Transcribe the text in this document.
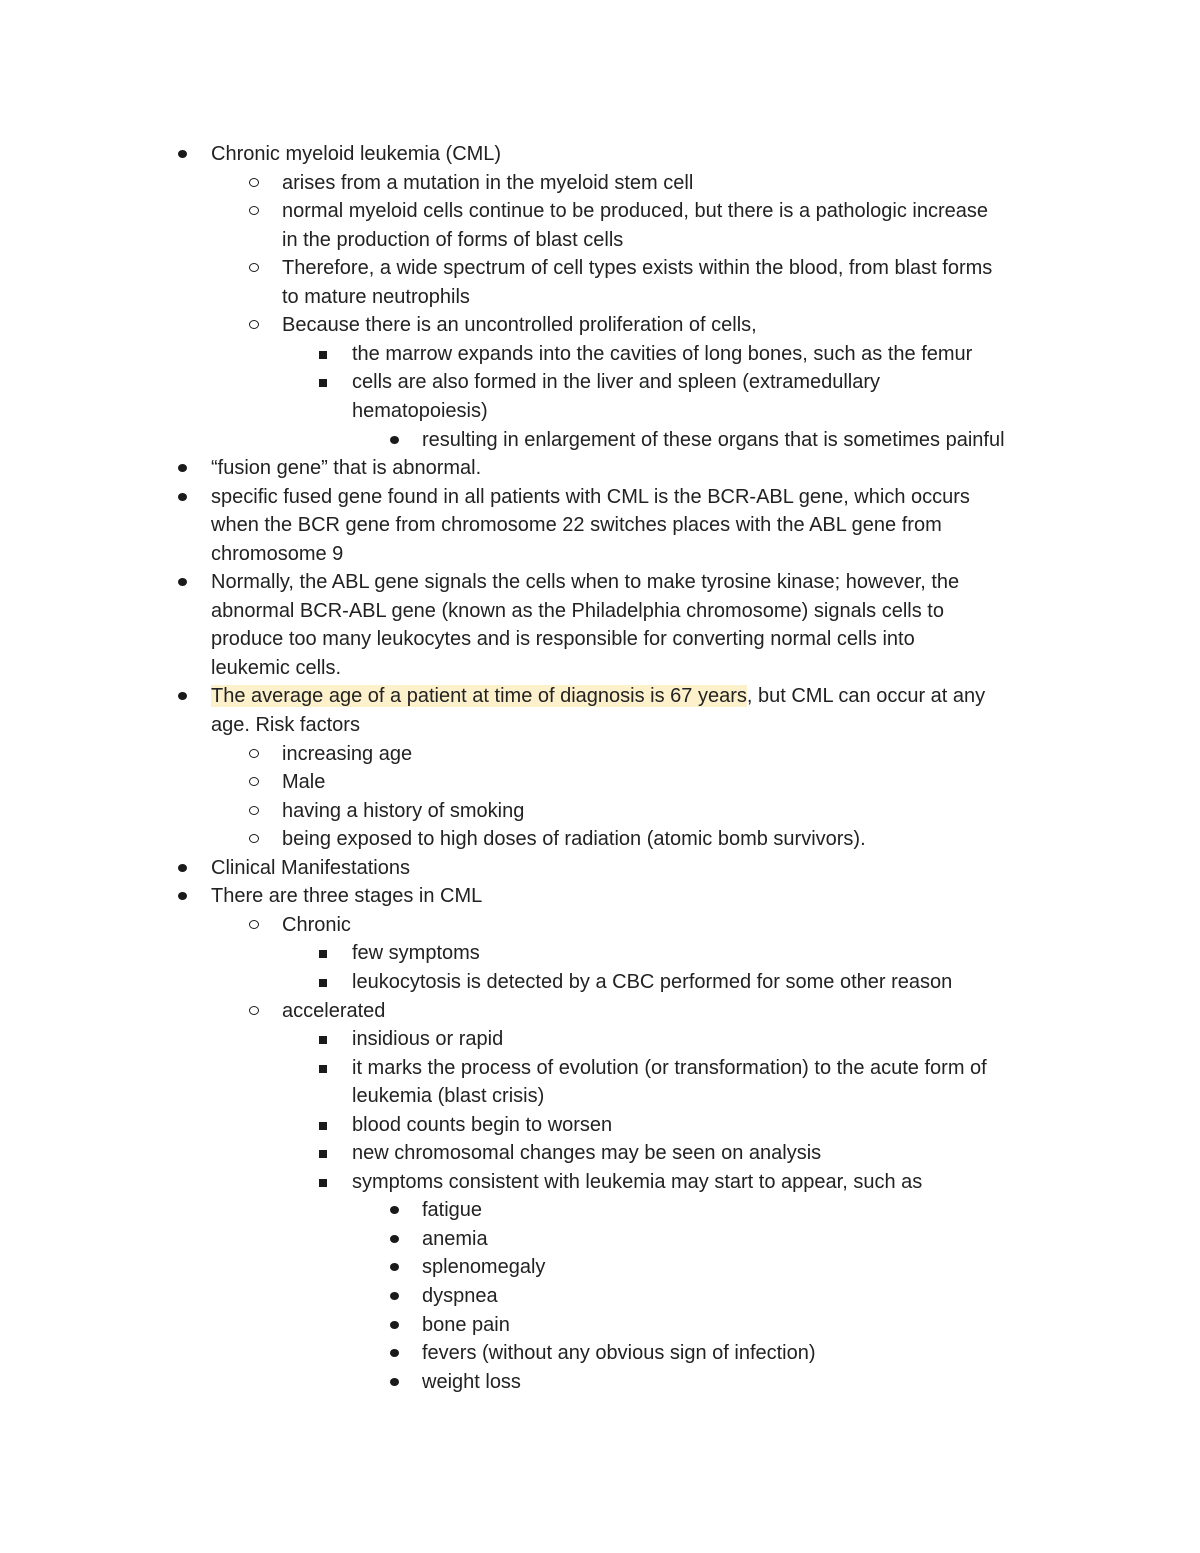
Chronic myeloid leukemia (CML)
arises from a mutation in the myeloid stem cell
normal myeloid cells continue to be produced, but there is a pathologic increase
in the production of forms of blast cells
Therefore, a wide spectrum of cell types exists within the blood, from blast forms
to mature neutrophils
Because there is an uncontrolled proliferation of cells,
the marrow expands into the cavities of long bones, such as the femur
cells are also formed in the liver and spleen (extramedullary
hematopoiesis)
resulting in enlargement of these organs that is sometimes painful
“fusion gene” that is abnormal.
specific fused gene found in all patients with CML is the BCR-ABL gene, which occurs
when the BCR gene from chromosome 22 switches places with the ABL gene from
chromosome 9
Normally, the ABL gene signals the cells when to make tyrosine kinase; however, the
abnormal BCR-ABL gene (known as the Philadelphia chromosome) signals cells to
produce too many leukocytes and is responsible for converting normal cells into
leukemic cells.
The average age of a patient at time of diagnosis is 67 years, but CML can occur at any
age. Risk factors
increasing age
Male
having a history of smoking
being exposed to high doses of radiation (atomic bomb survivors).
Clinical Manifestations
There are three stages in CML
Chronic
few symptoms
leukocytosis is detected by a CBC performed for some other reason
accelerated
insidious or rapid
it marks the process of evolution (or transformation) to the acute form of
leukemia (blast crisis)
blood counts begin to worsen
new chromosomal changes may be seen on analysis
symptoms consistent with leukemia may start to appear, such as
fatigue
anemia
splenomegaly
dyspnea
bone pain
fevers (without any obvious sign of infection)
weight loss
